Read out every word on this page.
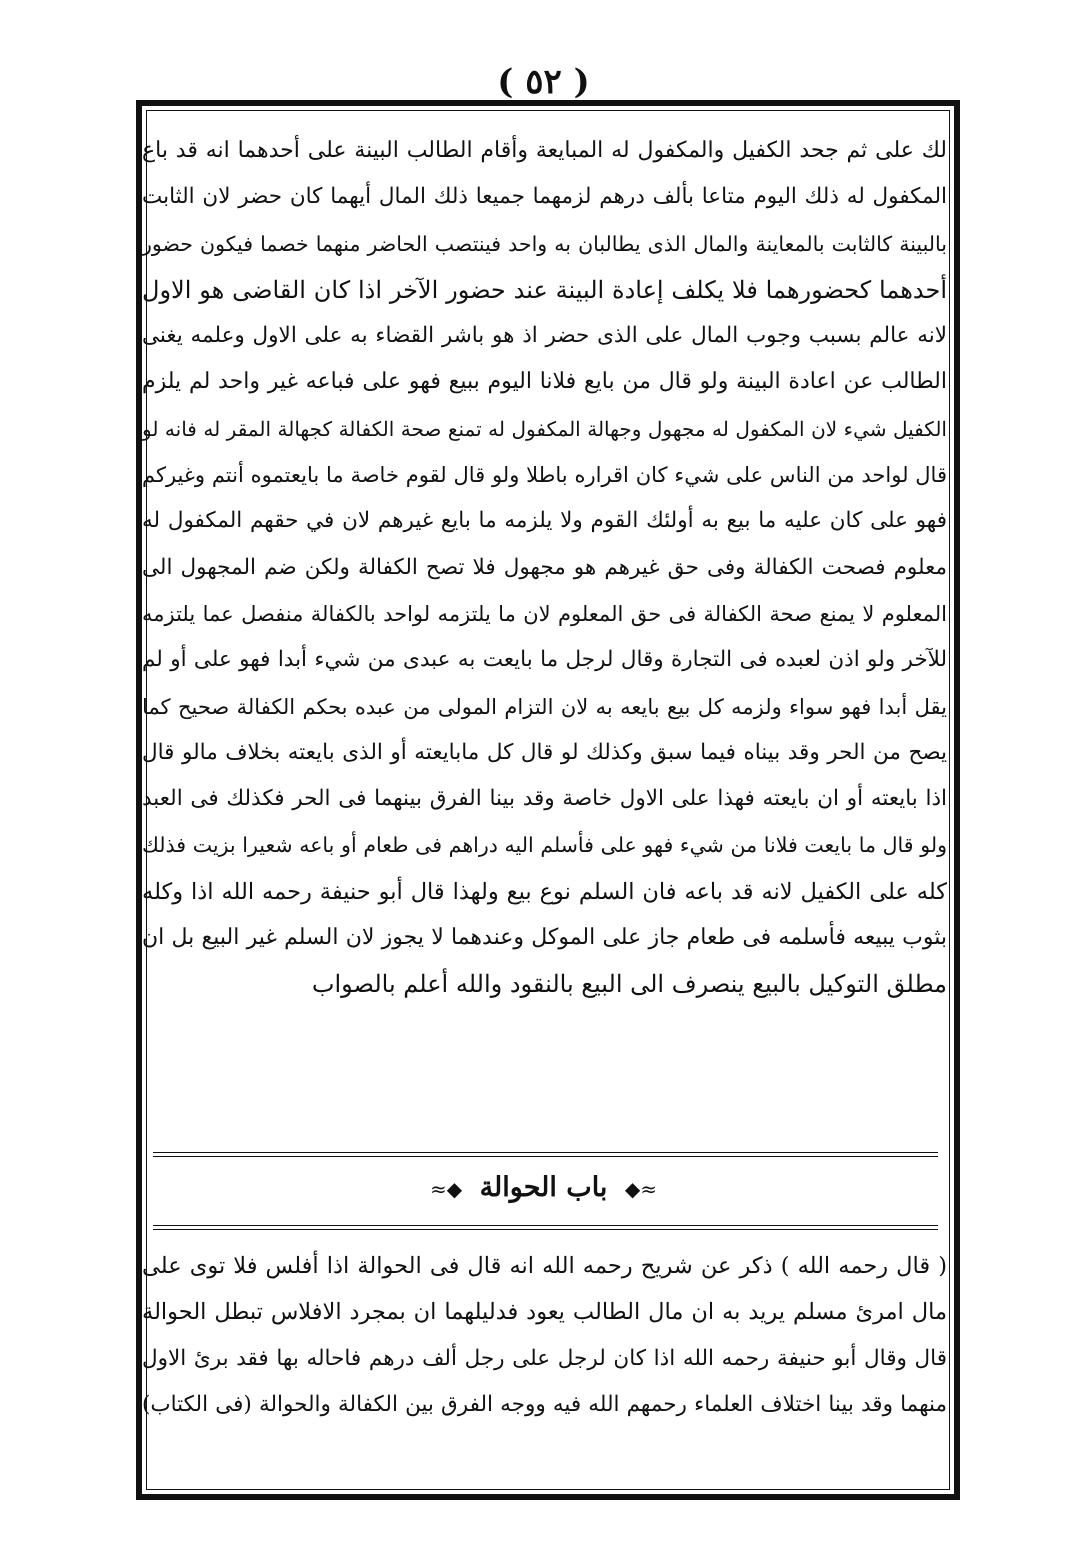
( ٥٢ )
لك على ثم جحد الكفيل والمكفول له المبايعة وأقام الطالب البينة على أحدهما انه قد باع
المكفول له ذلك اليوم متاعا بألف درهم لزمهما جميعا ذلك المال أيهما كان حضر لان الثابت
بالبينة كالثابت بالمعاينة والمال الذى يطالبان به واحد فينتصب الحاضر منهما خصما فيكون حضور
أحدهما كحضورهما فلا يكلف إعادة البينة عند حضور الآخر اذا كان القاضى هو الاول
لانه عالم بسبب وجوب المال على الذى حضر اذ هو باشر القضاء به على الاول وعلمه يغنى
الطالب عن اعادة البينة ولو قال من بايع فلانا اليوم ببيع فهو على فباعه غير واحد لم يلزم
الكفيل شيء لان المكفول له مجهول وجهالة المكفول له تمنع صحة الكفالة كجهالة المقر له فانه لو
قال لواحد من الناس على شيء كان اقراره باطلا ولو قال لقوم خاصة ما بايعتموه أنتم وغيركم
فهو على كان عليه ما بيع به أولئك القوم ولا يلزمه ما بايع غيرهم لان في حقهم المكفول له
معلوم فصحت الكفالة وفى حق غيرهم هو مجهول فلا تصح الكفالة ولكن ضم المجهول الى
المعلوم لا يمنع صحة الكفالة فى حق المعلوم لان ما يلتزمه لواحد بالكفالة منفصل عما يلتزمه
للآخر ولو اذن لعبده فى التجارة وقال لرجل ما بايعت به عبدى من شيء أبدا فهو على أو لم
يقل أبدا فهو سواء ولزمه كل بيع بايعه به لان التزام المولى من عبده بحكم الكفالة صحيح كما
يصح من الحر وقد بيناه فيما سبق وكذلك لو قال كل مابايعته أو الذى بايعته بخلاف مالو قال
اذا بايعته أو ان بايعته فهذا على الاول خاصة وقد بينا الفرق بينهما فى الحر فكذلك فى العبد
ولو قال ما بايعت فلانا من شيء فهو على فأسلم اليه دراهم فى طعام أو باعه شعيرا بزيت فذلك
كله على الكفيل لانه قد باعه فان السلم نوع بيع ولهذا قال أبو حنيفة رحمه الله اذا وكله
بثوب يبيعه فأسلمه فى طعام جاز على الموكل وعندهما لا يجوز لان السلم غير البيع بل ان
مطلق التوكيل بالبيع ينصرف الى البيع بالنقود والله أعلم بالصواب
≈◆ باب الحوالة ◆≈
( قال رحمه الله ) ذكر عن شريح رحمه الله انه قال فى الحوالة اذا أفلس فلا توى على
مال امرئ مسلم يريد به ان مال الطالب يعود فدليلهما ان بمجرد الافلاس تبطل الحوالة
قال وقال أبو حنيفة رحمه الله اذا كان لرجل على رجل ألف درهم فاحاله بها فقد برئ الاول
منهما وقد بينا اختلاف العلماء رحمهم الله فيه ووجه الفرق بين الكفالة والحوالة (فى الكتاب)
